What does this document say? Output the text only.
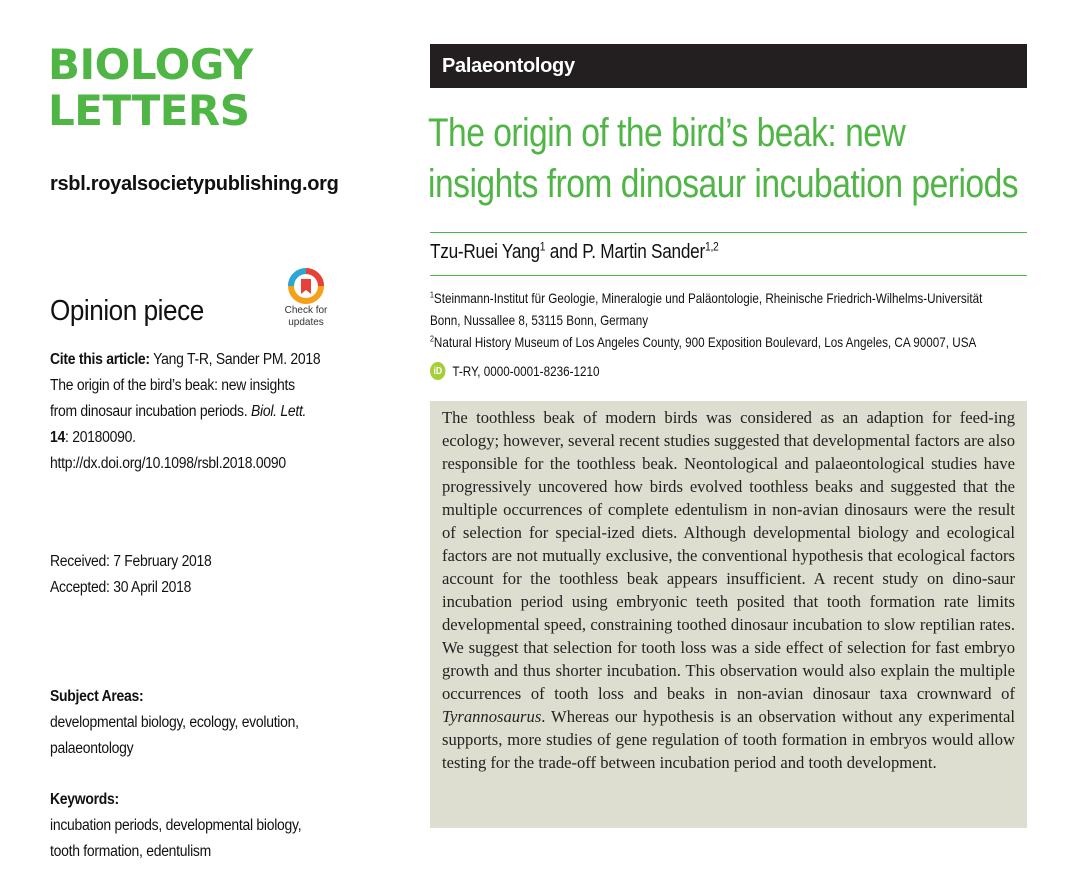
BIOLOGY
LETTERS
rsbl.royalsocietypublishing.org
Opinion piece	Check for
updates
Cite this article: Yang T-R, Sander PM. 2018
The origin of the bird’s beak: new insights
from dinosaur incubation periods. Biol. Lett.
14: 20180090.
http://dx.doi.org/10.1098/rsbl.2018.0090
Received: 7 February 2018
Accepted: 30 April 2018
Subject Areas:
developmental biology, ecology, evolution,
palaeontology
Keywords:
incubation periods, developmental biology,
tooth formation, edentulism
Palaeontology
The origin of the bird’s beak: new
insights from dinosaur incubation periods
Tzu-Ruei Yang$^1$ and P. Martin Sander$^{1,2}$

$^1$Steinmann-Institut für Geologie, Mineralogie und Paläontologie, Rheinische Friedrich-Wilhelms-Universität

Bonn, Nussallee 8, 53115 Bonn, Germany

$^2$Natural History Museum of Los Angeles County, 900 Exposition Boulevard, Los Angeles, CA 90007, USA

iD T-RY, 0000-0001-8236-1210

The toothless beak of modern birds was considered as an adaption for feed-ing ecology; however, several recent studies suggested that developmental factors are also responsible for the toothless beak. Neontological and palaeontological studies have progressively uncovered how birds evolved toothless beaks and suggested that the multiple occurrences of complete edentulism in non-avian dinosaurs were the result of selection for special-ized diets. Although developmental biology and ecological factors are not mutually exclusive, the conventional hypothesis that ecological factors account for the toothless beak appears insufficient. A recent study on dino-saur incubation period using embryonic teeth posited that tooth formation rate limits developmental speed, constraining toothed dinosaur incubation to slow reptilian rates. We suggest that selection for tooth loss was a side effect of selection for fast embryo growth and thus shorter incubation. This observation would also explain the multiple occurrences of tooth loss and beaks in non-avian dinosaur taxa crownward of Tyrannosaurus. Whereas our hypothesis is an observation without any experimental supports, more studies of gene regulation of tooth formation in embryos would allow testing for the trade-off between incubation period and tooth development.
